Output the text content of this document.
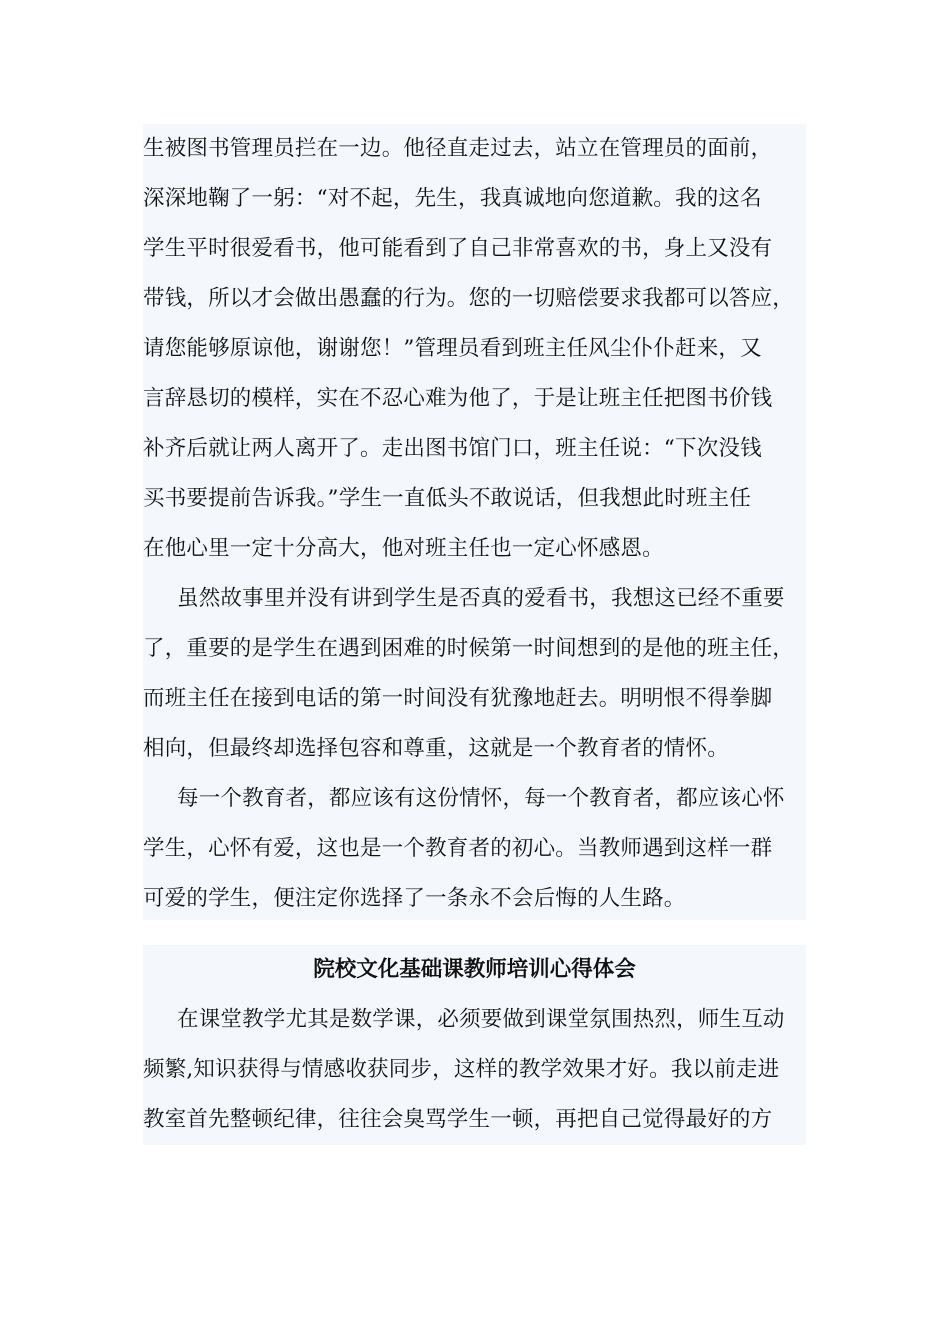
生被图书管理员拦在一边。他径直走过去，站立在管理员的面前，
深深地鞠了一躬：“对不起，先生，我真诚地向您道歉。我的这名
学生平时很爱看书，他可能看到了自己非常喜欢的书，身上又没有
带钱，所以才会做出愚蠢的行为。您的一切赔偿要求我都可以答应，
请您能够原谅他，谢谢您！”管理员看到班主任风尘仆仆赶来，又
言辞恳切的模样，实在不忍心难为他了，于是让班主任把图书价钱
补齐后就让两人离开了。走出图书馆门口，班主任说：“下次没钱
买书要提前告诉我。”学生一直低头不敢说话，但我想此时班主任
在他心里一定十分高大，他对班主任也一定心怀感恩。
虽然故事里并没有讲到学生是否真的爱看书，我想这已经不重要
了，重要的是学生在遇到困难的时候第一时间想到的是他的班主任，
而班主任在接到电话的第一时间没有犹豫地赶去。明明恨不得拳脚
相向，但最终却选择包容和尊重，这就是一个教育者的情怀。
每一个教育者，都应该有这份情怀，每一个教育者，都应该心怀
学生，心怀有爱，这也是一个教育者的初心。当教师遇到这样一群
可爱的学生，便注定你选择了一条永不会后悔的人生路。
院校文化基础课教师培训心得体会
在课堂教学尤其是数学课，必须要做到课堂氛围热烈，师生互动
频繁,知识获得与情感收获同步，这样的教学效果才好。我以前走进
教室首先整顿纪律，往往会臭骂学生一顿，再把自己觉得最好的方
